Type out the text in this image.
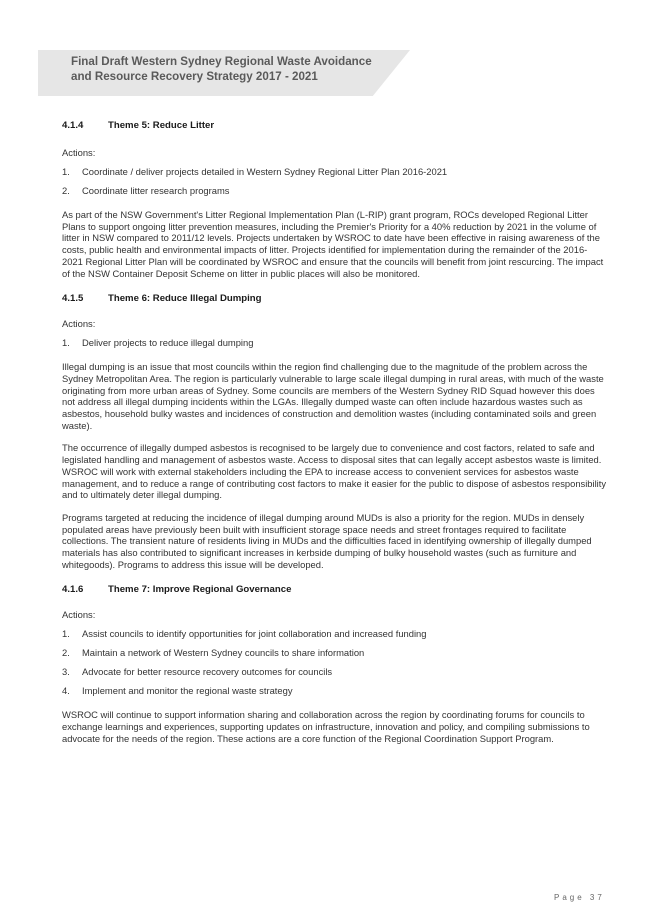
Final Draft Western Sydney Regional Waste Avoidance
and Resource Recovery Strategy 2017 - 2021
4.1.4	Theme 5: Reduce Litter

Actions:

1.	Coordinate / deliver projects detailed in Western Sydney Regional Litter Plan 2016-2021
2.	Coordinate litter research programs

As part of the NSW Government's Litter Regional Implementation Plan (L-RIP) grant program, ROCs developed Regional Litter Plans to support ongoing litter prevention measures, including the Premier's Priority for a 40% reduction by 2021 in the volume of litter in NSW compared to 2011/12 levels. Projects undertaken by WSROC to date have been effective in raising awareness of the costs, public health and environmental impacts of litter. Projects identified for implementation during the remainder of the 2016-2021 Regional Litter Plan will be coordinated by WSROC and ensure that the councils will benefit from joint rescurcing. The impact of the NSW Container Deposit Scheme on litter in public places will also be monitored.

4.1.5	Theme 6: Reduce Illegal Dumping

Actions:

1.	Deliver projects to reduce illegal dumping

Illegal dumping is an issue that most councils within the region find challenging due to the magnitude of the problem across the Sydney Metropolitan Area. The region is particularly vulnerable to large scale illegal dumping in rural areas, with much of the waste originating from more urban areas of Sydney. Some councils are members of the Western Sydney RID Squad however this does not address all illegal dumping incidents within the LGAs. Illegally dumped waste can often include hazardous wastes such as asbestos, household bulky wastes and incidences of construction and demolition wastes (including contaminated soils and green waste).

The occurrence of illegally dumped asbestos is recognised to be largely due to convenience and cost factors, related to safe and legislated handling and management of asbestos waste. Access to disposal sites that can legally accept asbestos waste is limited. WSROC will work with external stakeholders including the EPA to increase access to convenient services for asbestos waste management, and to reduce a range of contributing cost factors to make it easier for the public to dispose of asbestos responsibility and to ultimately deter illegal dumping.

Programs targeted at reducing the incidence of illegal dumping around MUDs is also a priority for the region. MUDs in densely populated areas have previously been built with insufficient storage space needs and street frontages required to facilitate collections. The transient nature of residents living in MUDs and the difficulties faced in identifying ownership of illegally dumped materials has also contributed to significant increases in kerbside dumping of bulky household wastes (such as furniture and whitegoods). Programs to address this issue will be developed.

4.1.6	Theme 7: Improve Regional Governance

Actions:

1.	Assist councils to identify opportunities for joint collaboration and increased funding
2.	Maintain a network of Western Sydney councils to share information
3.	Advocate for better resource recovery outcomes for councils
4.	Implement and monitor the regional waste strategy

WSROC will continue to support information sharing and collaboration across the region by coordinating forums for councils to exchange learnings and experiences, supporting updates on infrastructure, innovation and policy, and compiling submissions to advocate for the needs of the region. These actions are a core function of the Regional Coordination Support Program.

Page 37
